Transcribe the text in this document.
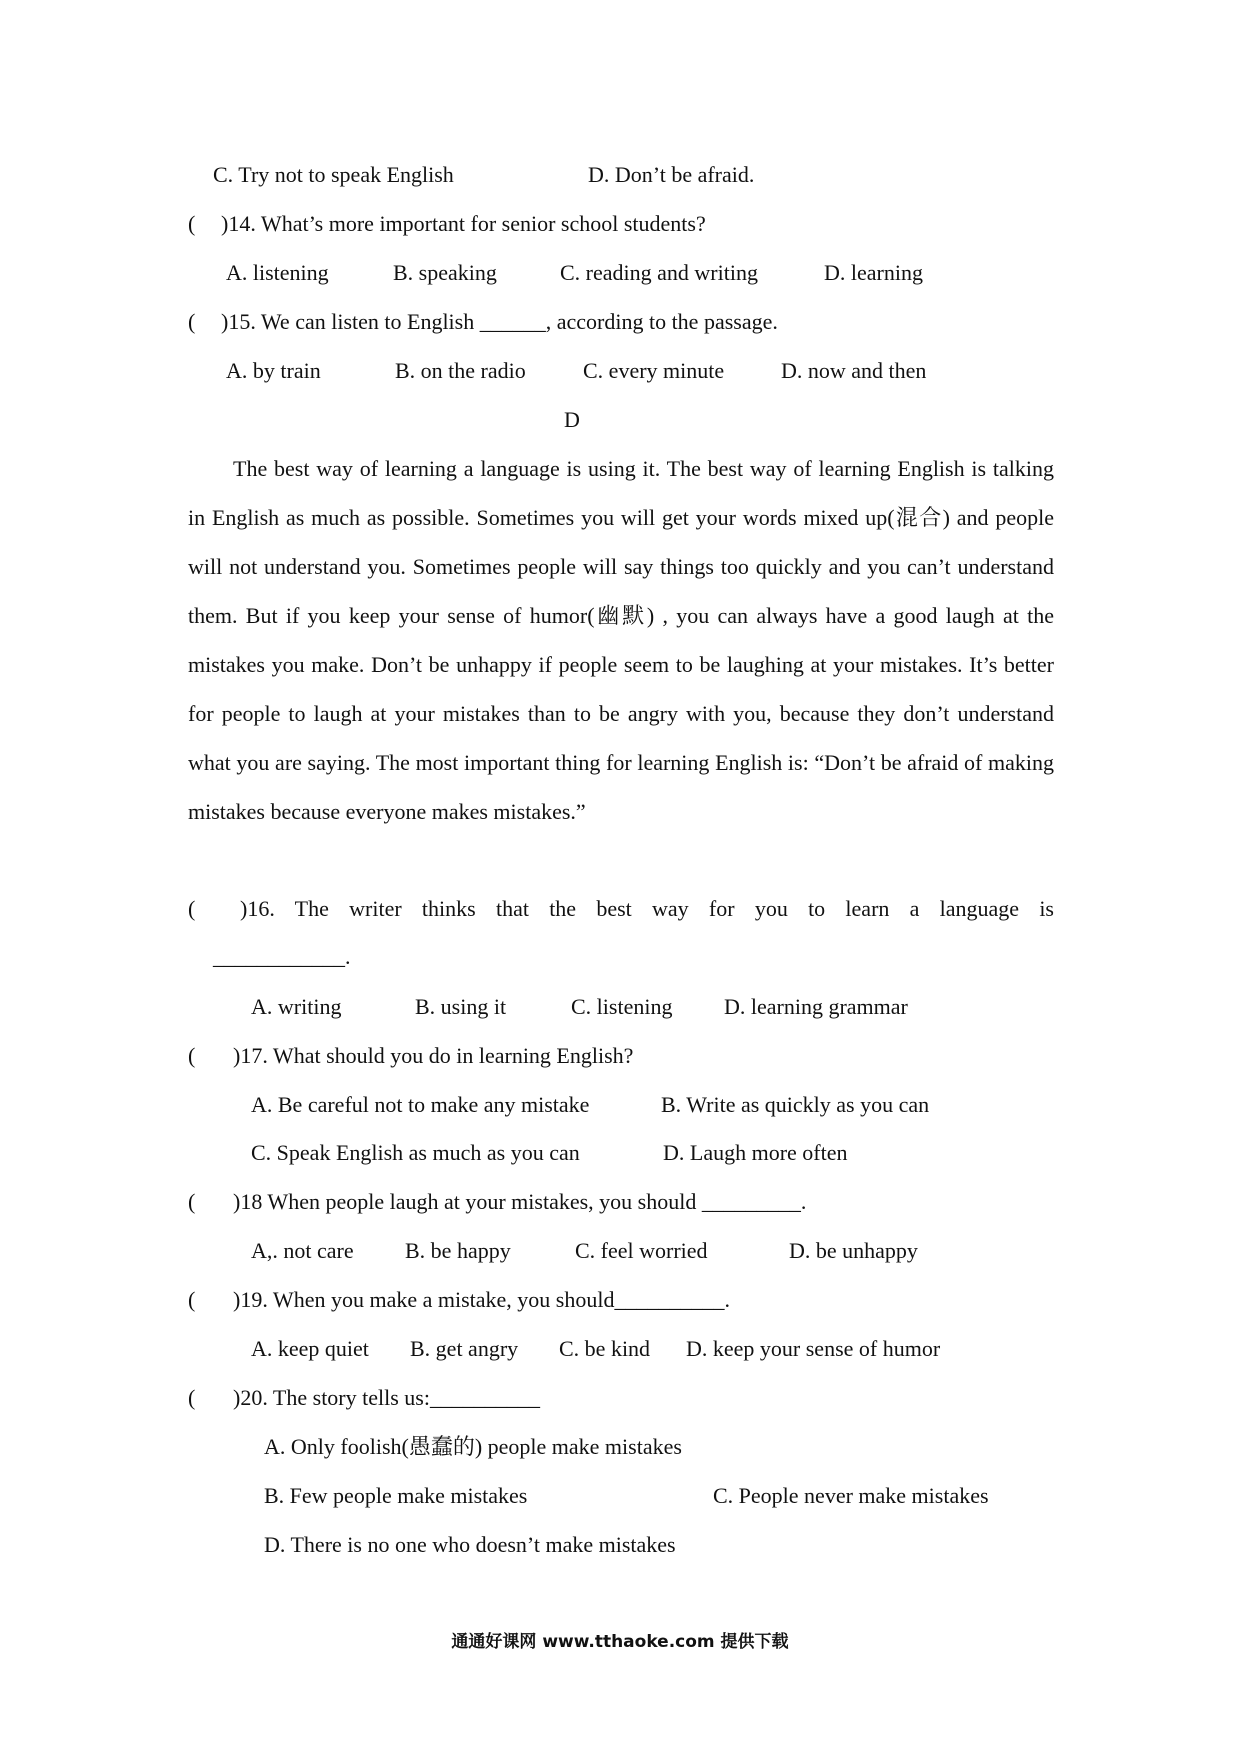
C. Try not to speak English	D. Don’t be afraid.
( )14. What’s more important for senior school students?
A. listening	B. speaking	C. reading and writing	D. learning
( )15. We can listen to English ______, according to the passage.
A. by train	B. on the radio	C. every minute	D. now and then
D
The best way of learning a language is using it. The best way of learning English is talking in English as much as possible. Sometimes you will get your words mixed up(混合) and people will not understand you. Sometimes people will say things too quickly and you can’t understand them. But if you keep your sense of humor(幽默) , you can always have a good laugh at the mistakes you make. Don’t be unhappy if people seem to be laughing at your mistakes. It’s better for people to laugh at your mistakes than to be angry with you, because they don’t understand what you are saying. The most important thing for learning English is: “Don’t be afraid of making mistakes because everyone makes mistakes.”
( )16. The writer thinks that the best way for you to learn a language is
____________.
A. writing	B. using it	C. listening D. learning grammar
( )17. What should you do in learning English?
A. Be careful not to make any mistake	B. Write as quickly as you can
C. Speak English as much as you can	D. Laugh more often
( )18 When people laugh at your mistakes, you should _________.
A,. not care B. be happy	C. feel worried	D. be unhappy
( )19. When you make a mistake, you should__________.
A. keep quiet B. get angry C. be kind D. keep your sense of humor
( )20. The story tells us:__________
A. Only foolish(愚蠢的) people make mistakes
B. Few people make mistakes	C. People never make mistakes
D. There is no one who doesn’t make mistakes
通通好课网 www.tthaoke.com 提供下载
